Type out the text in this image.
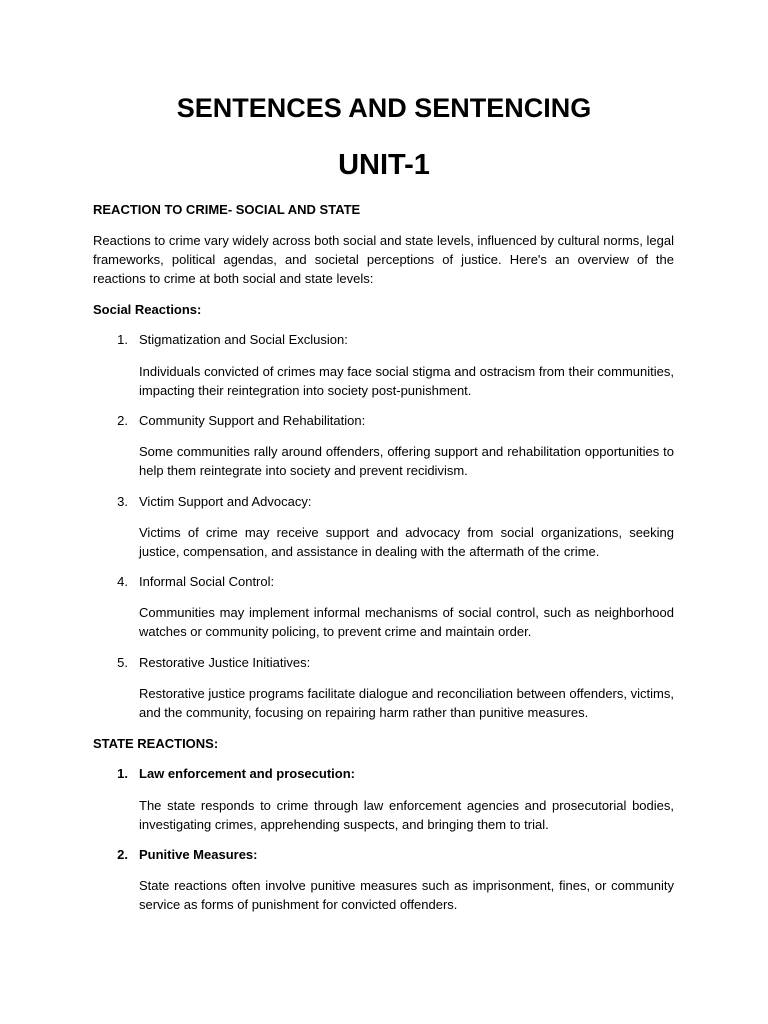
SENTENCES AND SENTENCING
UNIT-1
REACTION TO CRIME- SOCIAL AND STATE
Reactions to crime vary widely across both social and state levels, influenced by cultural norms, legal frameworks, political agendas, and societal perceptions of justice. Here's an overview of the reactions to crime at both social and state levels:
Social Reactions:
1. Stigmatization and Social Exclusion:
Individuals convicted of crimes may face social stigma and ostracism from their communities, impacting their reintegration into society post-punishment.
2. Community Support and Rehabilitation:
Some communities rally around offenders, offering support and rehabilitation opportunities to help them reintegrate into society and prevent recidivism.
3. Victim Support and Advocacy:
Victims of crime may receive support and advocacy from social organizations, seeking justice, compensation, and assistance in dealing with the aftermath of the crime.
4. Informal Social Control:
Communities may implement informal mechanisms of social control, such as neighborhood watches or community policing, to prevent crime and maintain order.
5. Restorative Justice Initiatives:
Restorative justice programs facilitate dialogue and reconciliation between offenders, victims, and the community, focusing on repairing harm rather than punitive measures.
STATE REACTIONS:
1. Law enforcement and prosecution:
The state responds to crime through law enforcement agencies and prosecutorial bodies, investigating crimes, apprehending suspects, and bringing them to trial.
2. Punitive Measures:
State reactions often involve punitive measures such as imprisonment, fines, or community service as forms of punishment for convicted offenders.
